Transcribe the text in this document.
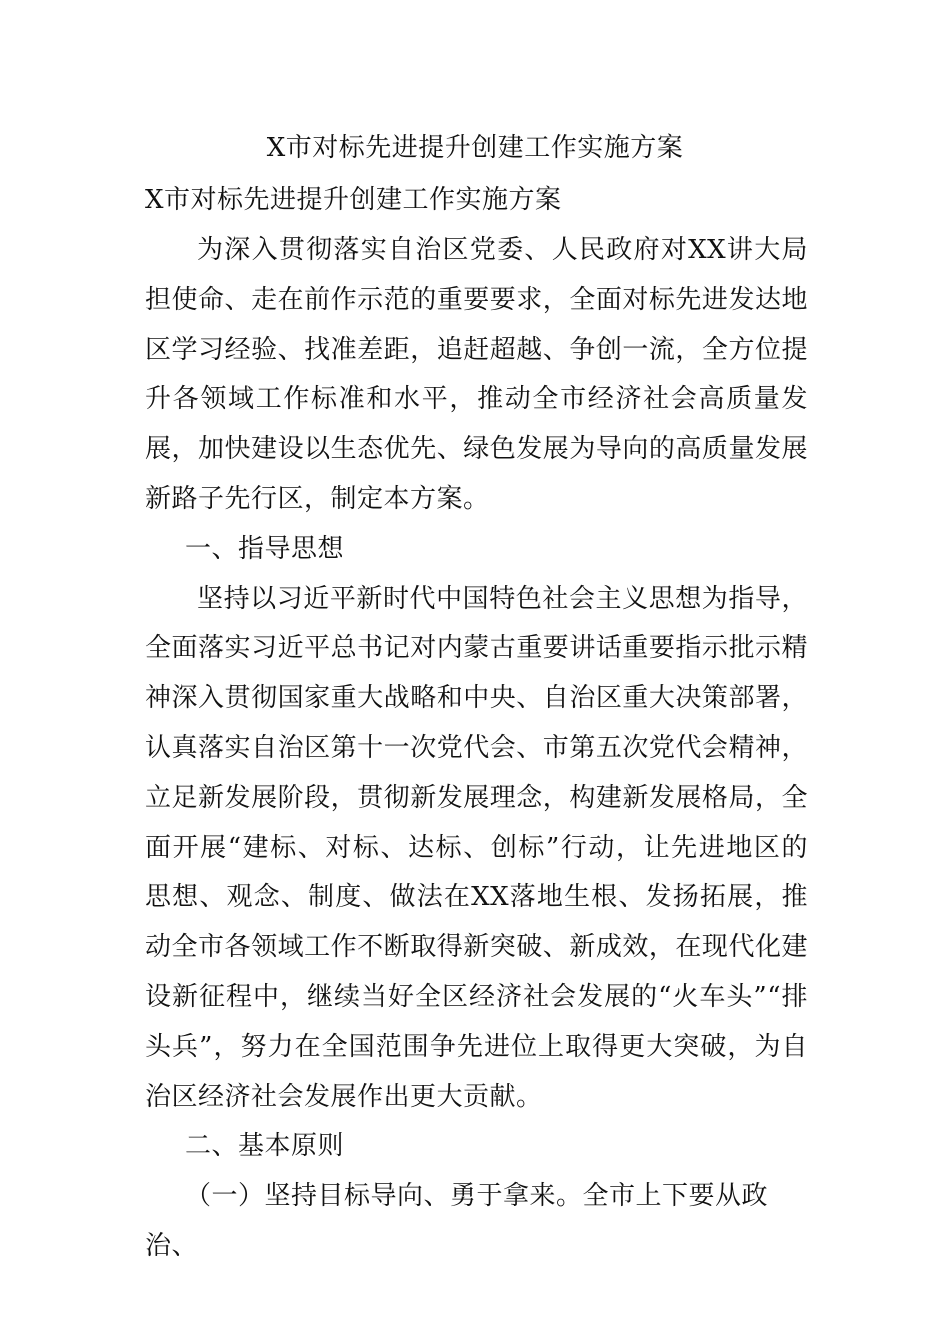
X市对标先进提升创建工作实施方案
X市对标先进提升创建工作实施方案

为深入贯彻落实自治区党委、人民政府对XX讲大局担使命、走在前作示范的重要要求，全面对标先进发达地区学习经验、找准差距，追赶超越、争创一流，全方位提升各领域工作标准和水平，推动全市经济社会高质量发展，加快建设以生态优先、绿色发展为导向的高质量发展新路子先行区，制定本方案。

一、指导思想

坚持以习近平新时代中国特色社会主义思想为指导，全面落实习近平总书记对内蒙古重要讲话重要指示批示精神深入贯彻国家重大战略和中央、自治区重大决策部署，认真落实自治区第十一次党代会、市第五次党代会精神，立足新发展阶段，贯彻新发展理念，构建新发展格局，全面开展“建标、对标、达标、创标”行动，让先进地区的思想、观念、制度、做法在XX落地生根、发扬拓展，推动全市各领域工作不断取得新突破、新成效，在现代化建设新征程中，继续当好全区经济社会发展的“火车头”“排头兵”，努力在全国范围争先进位上取得更大突破，为自治区经济社会发展作出更大贡献。

二、基本原则

（一）坚持目标导向、勇于拿来。全市上下要从政治、
